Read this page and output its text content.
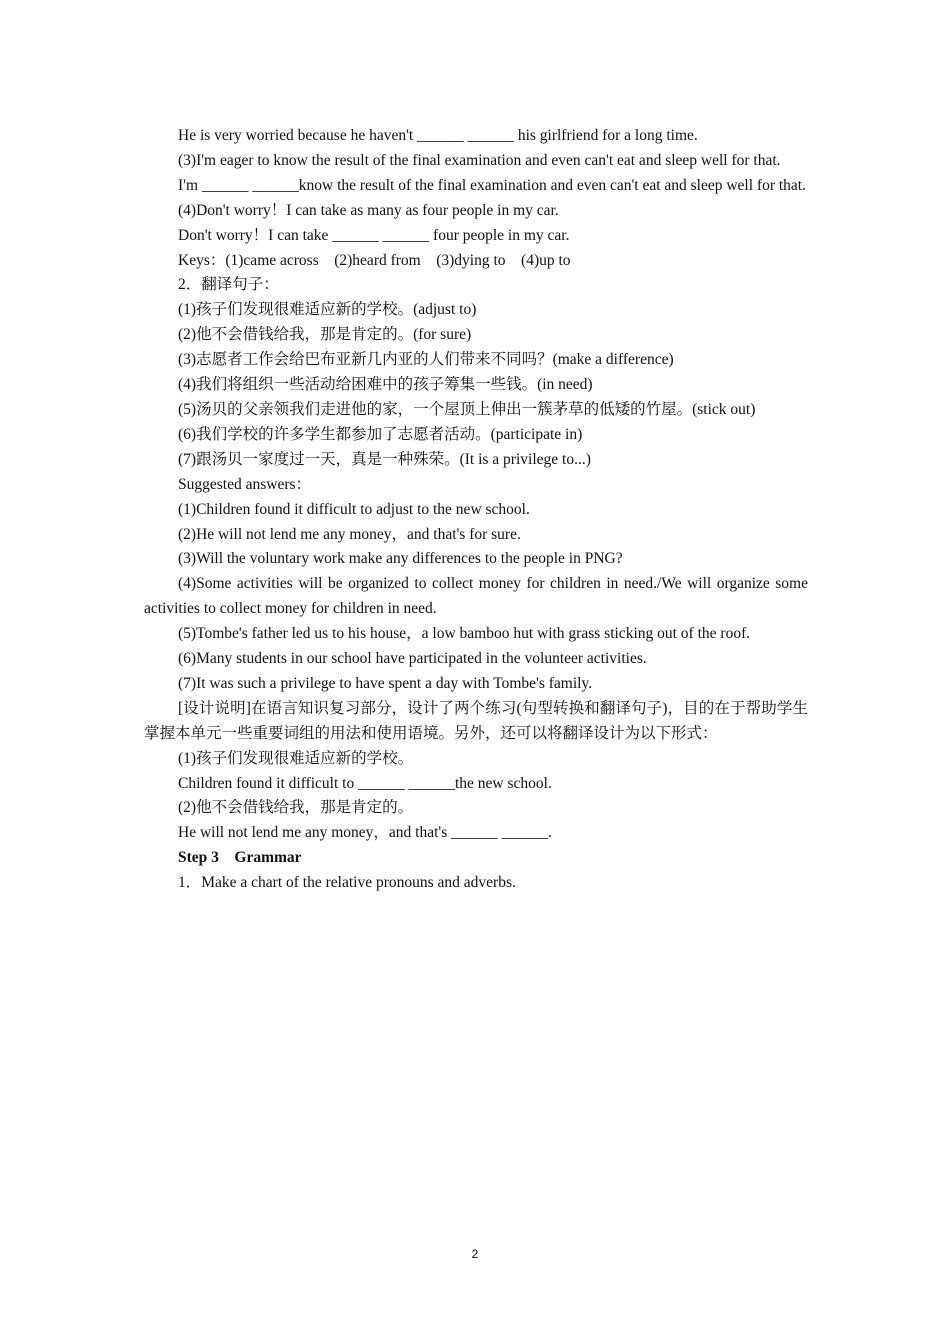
He is very worried because he haven't ______ ______ his girlfriend for a long time.
(3)I'm eager to know the result of the final examination and even can't eat and sleep well for that.
I'm ______ ______know the result of the final examination and even can't eat and sleep well for that.
(4)Don't worry！I can take as many as four people in my car.
Don't worry！I can take ______ ______ four people in my car.
Keys：(1)came across　(2)heard from　(3)dying to　(4)up to
2．翻译句子：
(1)孩子们发现很难适应新的学校。(adjust to)
(2)他不会借钱给我，那是肯定的。(for sure)
(3)志愿者工作会给巴布亚新几内亚的人们带来不同吗？(make a difference)
(4)我们将组织一些活动给困难中的孩子筹集一些钱。(in need)
(5)汤贝的父亲领我们走进他的家，一个屋顶上伸出一簇茅草的低矮的竹屋。(stick out)
(6)我们学校的许多学生都参加了志愿者活动。(participate in)
(7)跟汤贝一家度过一天，真是一种殊荣。(It is a privilege to...)
Suggested answers：
(1)Children found it difficult to adjust to the new school.
(2)He will not lend me any money，and that's for sure.
(3)Will the voluntary work make any differences to the people in PNG?
(4)Some activities will be organized to collect money for children in need./We will organize some activities to collect money for children in need.
(5)Tombe's father led us to his house，a low bamboo hut with grass sticking out of the roof.
(6)Many students in our school have participated in the volunteer activities.
(7)It was such a privilege to have spent a day with Tombe's family.
[设计说明]在语言知识复习部分，设计了两个练习(句型转换和翻译句子)，目的在于帮助学生掌握本单元一些重要词组的用法和使用语境。另外，还可以将翻译设计为以下形式：
(1)孩子们发现很难适应新的学校。
Children found it difficult to ______ ______the new school.
(2)他不会借钱给我，那是肯定的。
He will not lend me any money，and that's ______ ______.
Step 3　Grammar
1．Make a chart of the relative pronouns and adverbs.
2
